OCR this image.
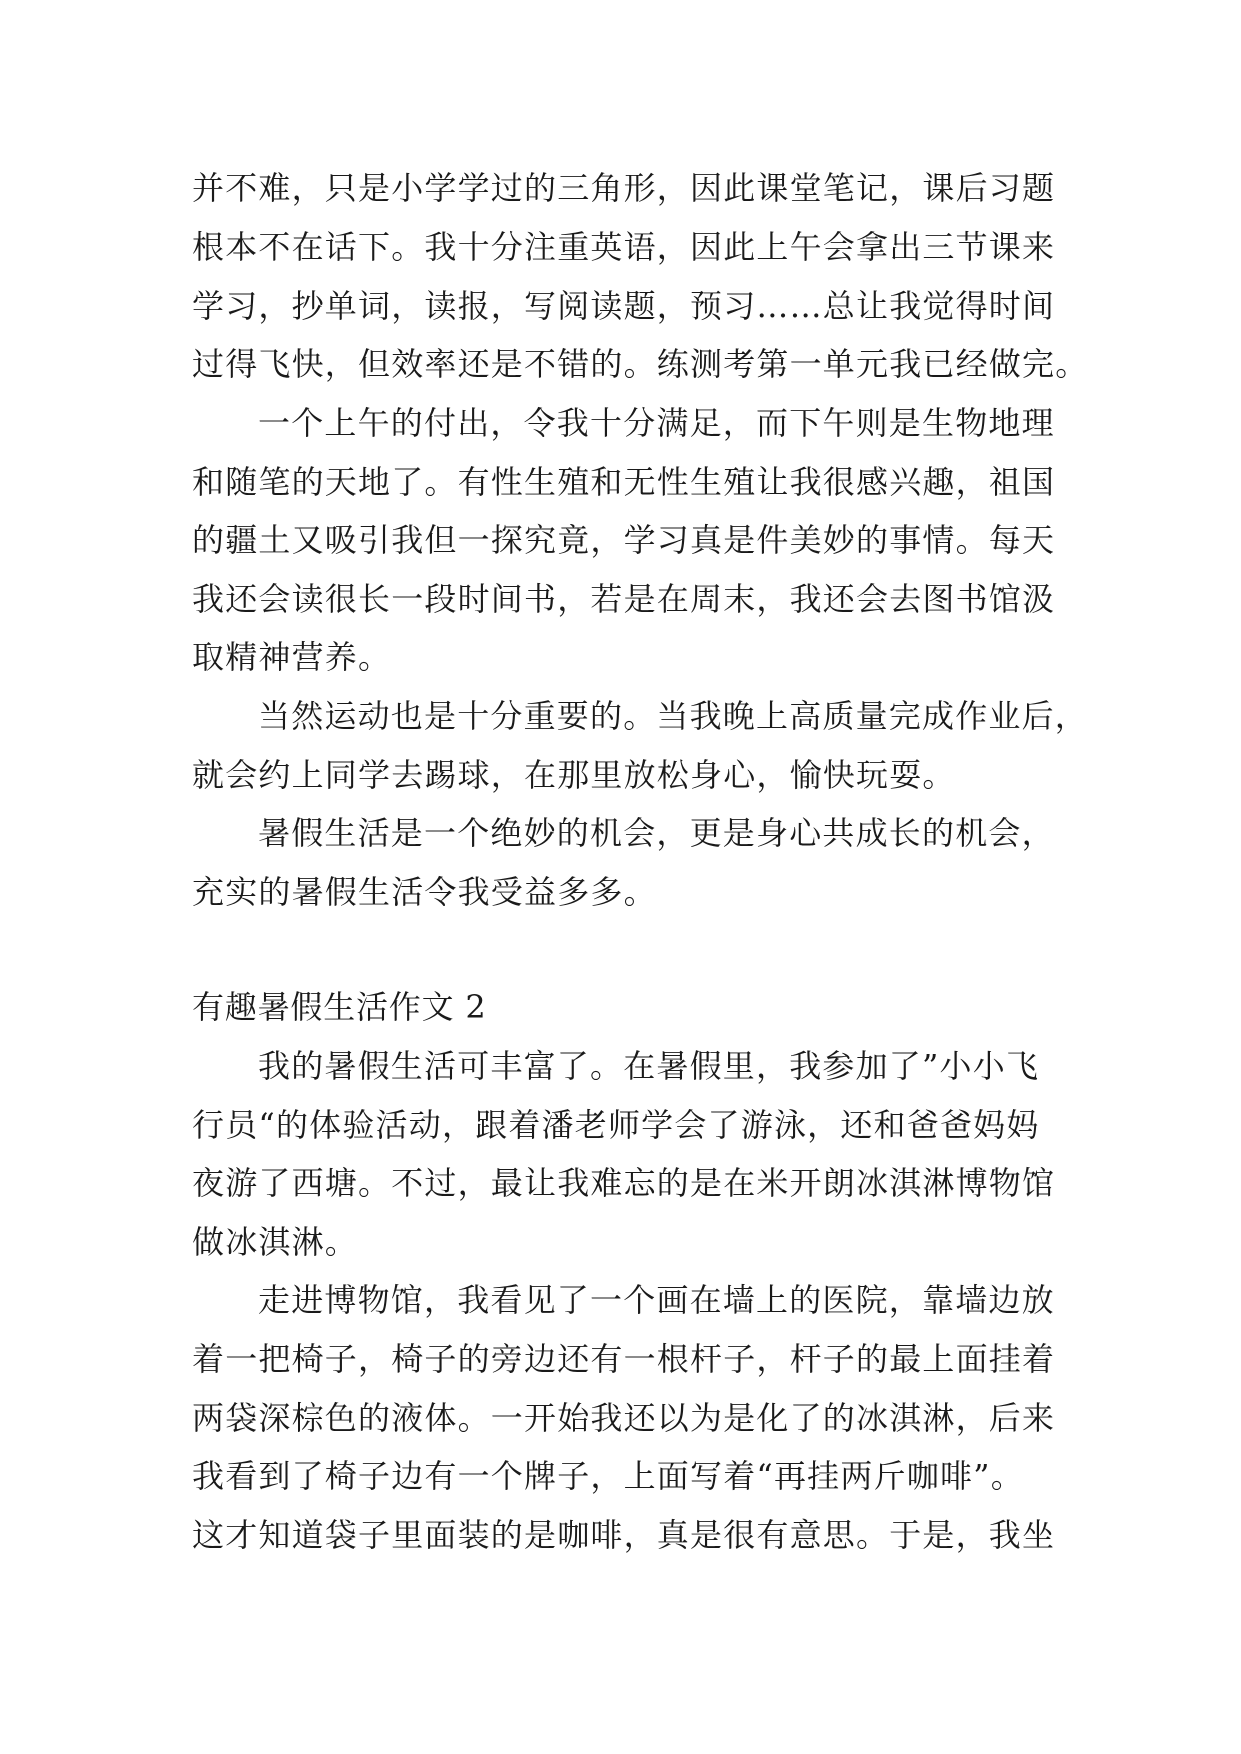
并不难，只是小学学过的三角形，因此课堂笔记，课后习题
根本不在话下。我十分注重英语，因此上午会拿出三节课来
学习，抄单词，读报，写阅读题，预习……总让我觉得时间
过得飞快，但效率还是不错的。练测考第一单元我已经做完。
一个上午的付出，令我十分满足，而下午则是生物地理
和随笔的天地了。有性生殖和无性生殖让我很感兴趣，祖国
的疆土又吸引我但一探究竟，学习真是件美妙的事情。每天
我还会读很长一段时间书，若是在周末，我还会去图书馆汲
取精神营养。
当然运动也是十分重要的。当我晚上高质量完成作业后，
就会约上同学去踢球，在那里放松身心，愉快玩耍。
暑假生活是一个绝妙的机会，更是身心共成长的机会，
充实的暑假生活令我受益多多。
有趣暑假生活作文 2
我的暑假生活可丰富了。在暑假里，我参加了”小小飞
行员“的体验活动，跟着潘老师学会了游泳，还和爸爸妈妈
夜游了西塘。不过，最让我难忘的是在米开朗冰淇淋博物馆
做冰淇淋。
走进博物馆，我看见了一个画在墙上的医院，靠墙边放
着一把椅子，椅子的旁边还有一根杆子，杆子的最上面挂着
两袋深棕色的液体。一开始我还以为是化了的冰淇淋，后来
我看到了椅子边有一个牌子，上面写着“再挂两斤咖啡”。
这才知道袋子里面装的是咖啡，真是很有意思。于是，我坐
